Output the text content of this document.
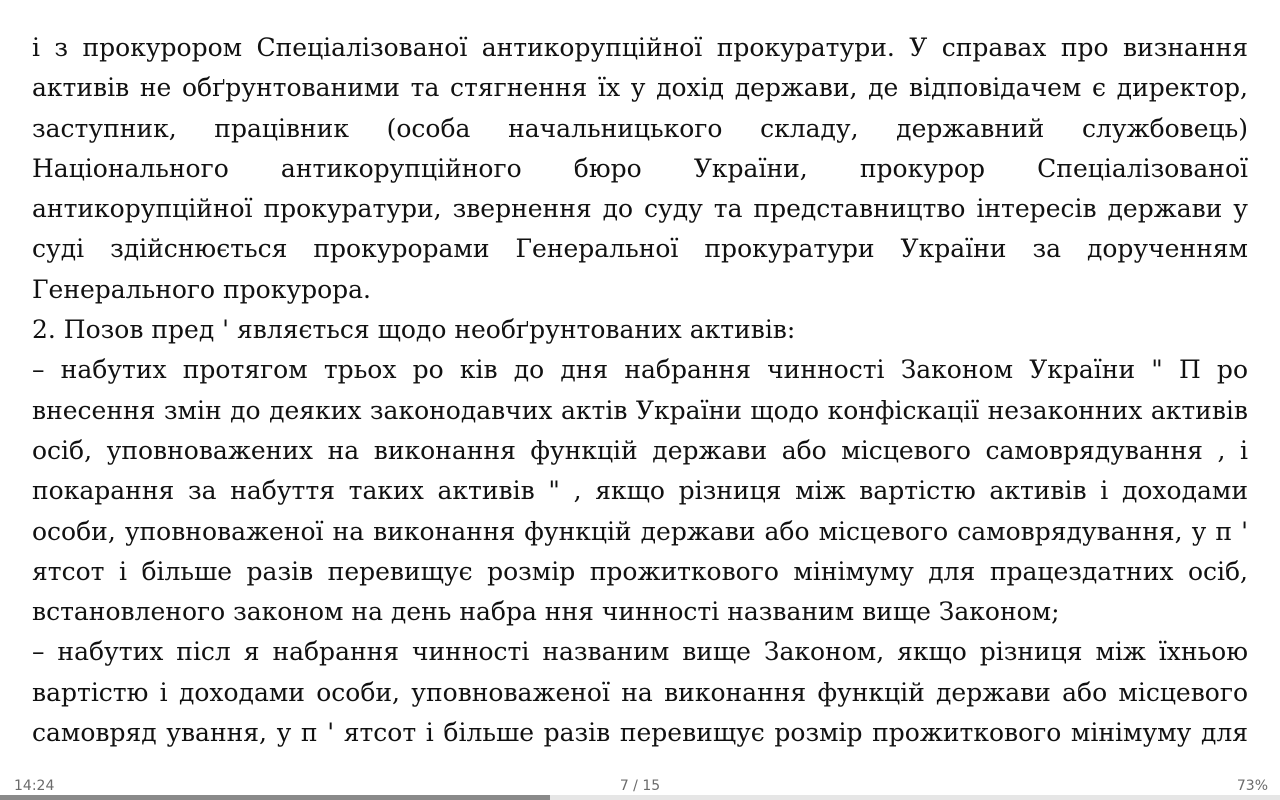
і з прокурором Спеціалізованої антикорупційної прокуратури. У справах про визнання активів не обґрунтованими та стягнення їх у дохід держави, де відповідачем є директор, заступник, працівник (особа начальницького складу, державний службовець) Національного антикорупційного бюро України, прокурор Спеціалізованої антикорупційної прокуратури, звернення до суду та представництво інтересів держави у суді здійснюється прокурорами Генеральної прокуратури України за дорученням Генерального прокурора.

2. Позов пред ' являється щодо необґрунтованих активів:

– набутих протягом трьох ро ків до дня набрання чинності Законом України " П ро внесення змін до деяких законодавчих актів України щодо конфіскації незаконних активів осіб, уповноважених на виконання функцій держави або місцевого самоврядування , і покарання за набуття таких активів " , якщо різниця між вартістю активів і доходами особи, уповноваженої на виконання функцій держави або місцевого самоврядування, у п ' ятсот і більше разів перевищує розмір прожиткового мінімуму для працездатних осіб, встановленого законом на день набра ння чинності названим вище Законом;

– набутих післ я набрання чинності названим вище Законом, якщо різниця між їхньою вартістю і доходами особи, уповноваженої на виконання функцій держави або місцевого самовряд ування, у п ' ятсот і більше разів перевищує розмір прожиткового мінімуму для

14:24	7 / 15	73%
